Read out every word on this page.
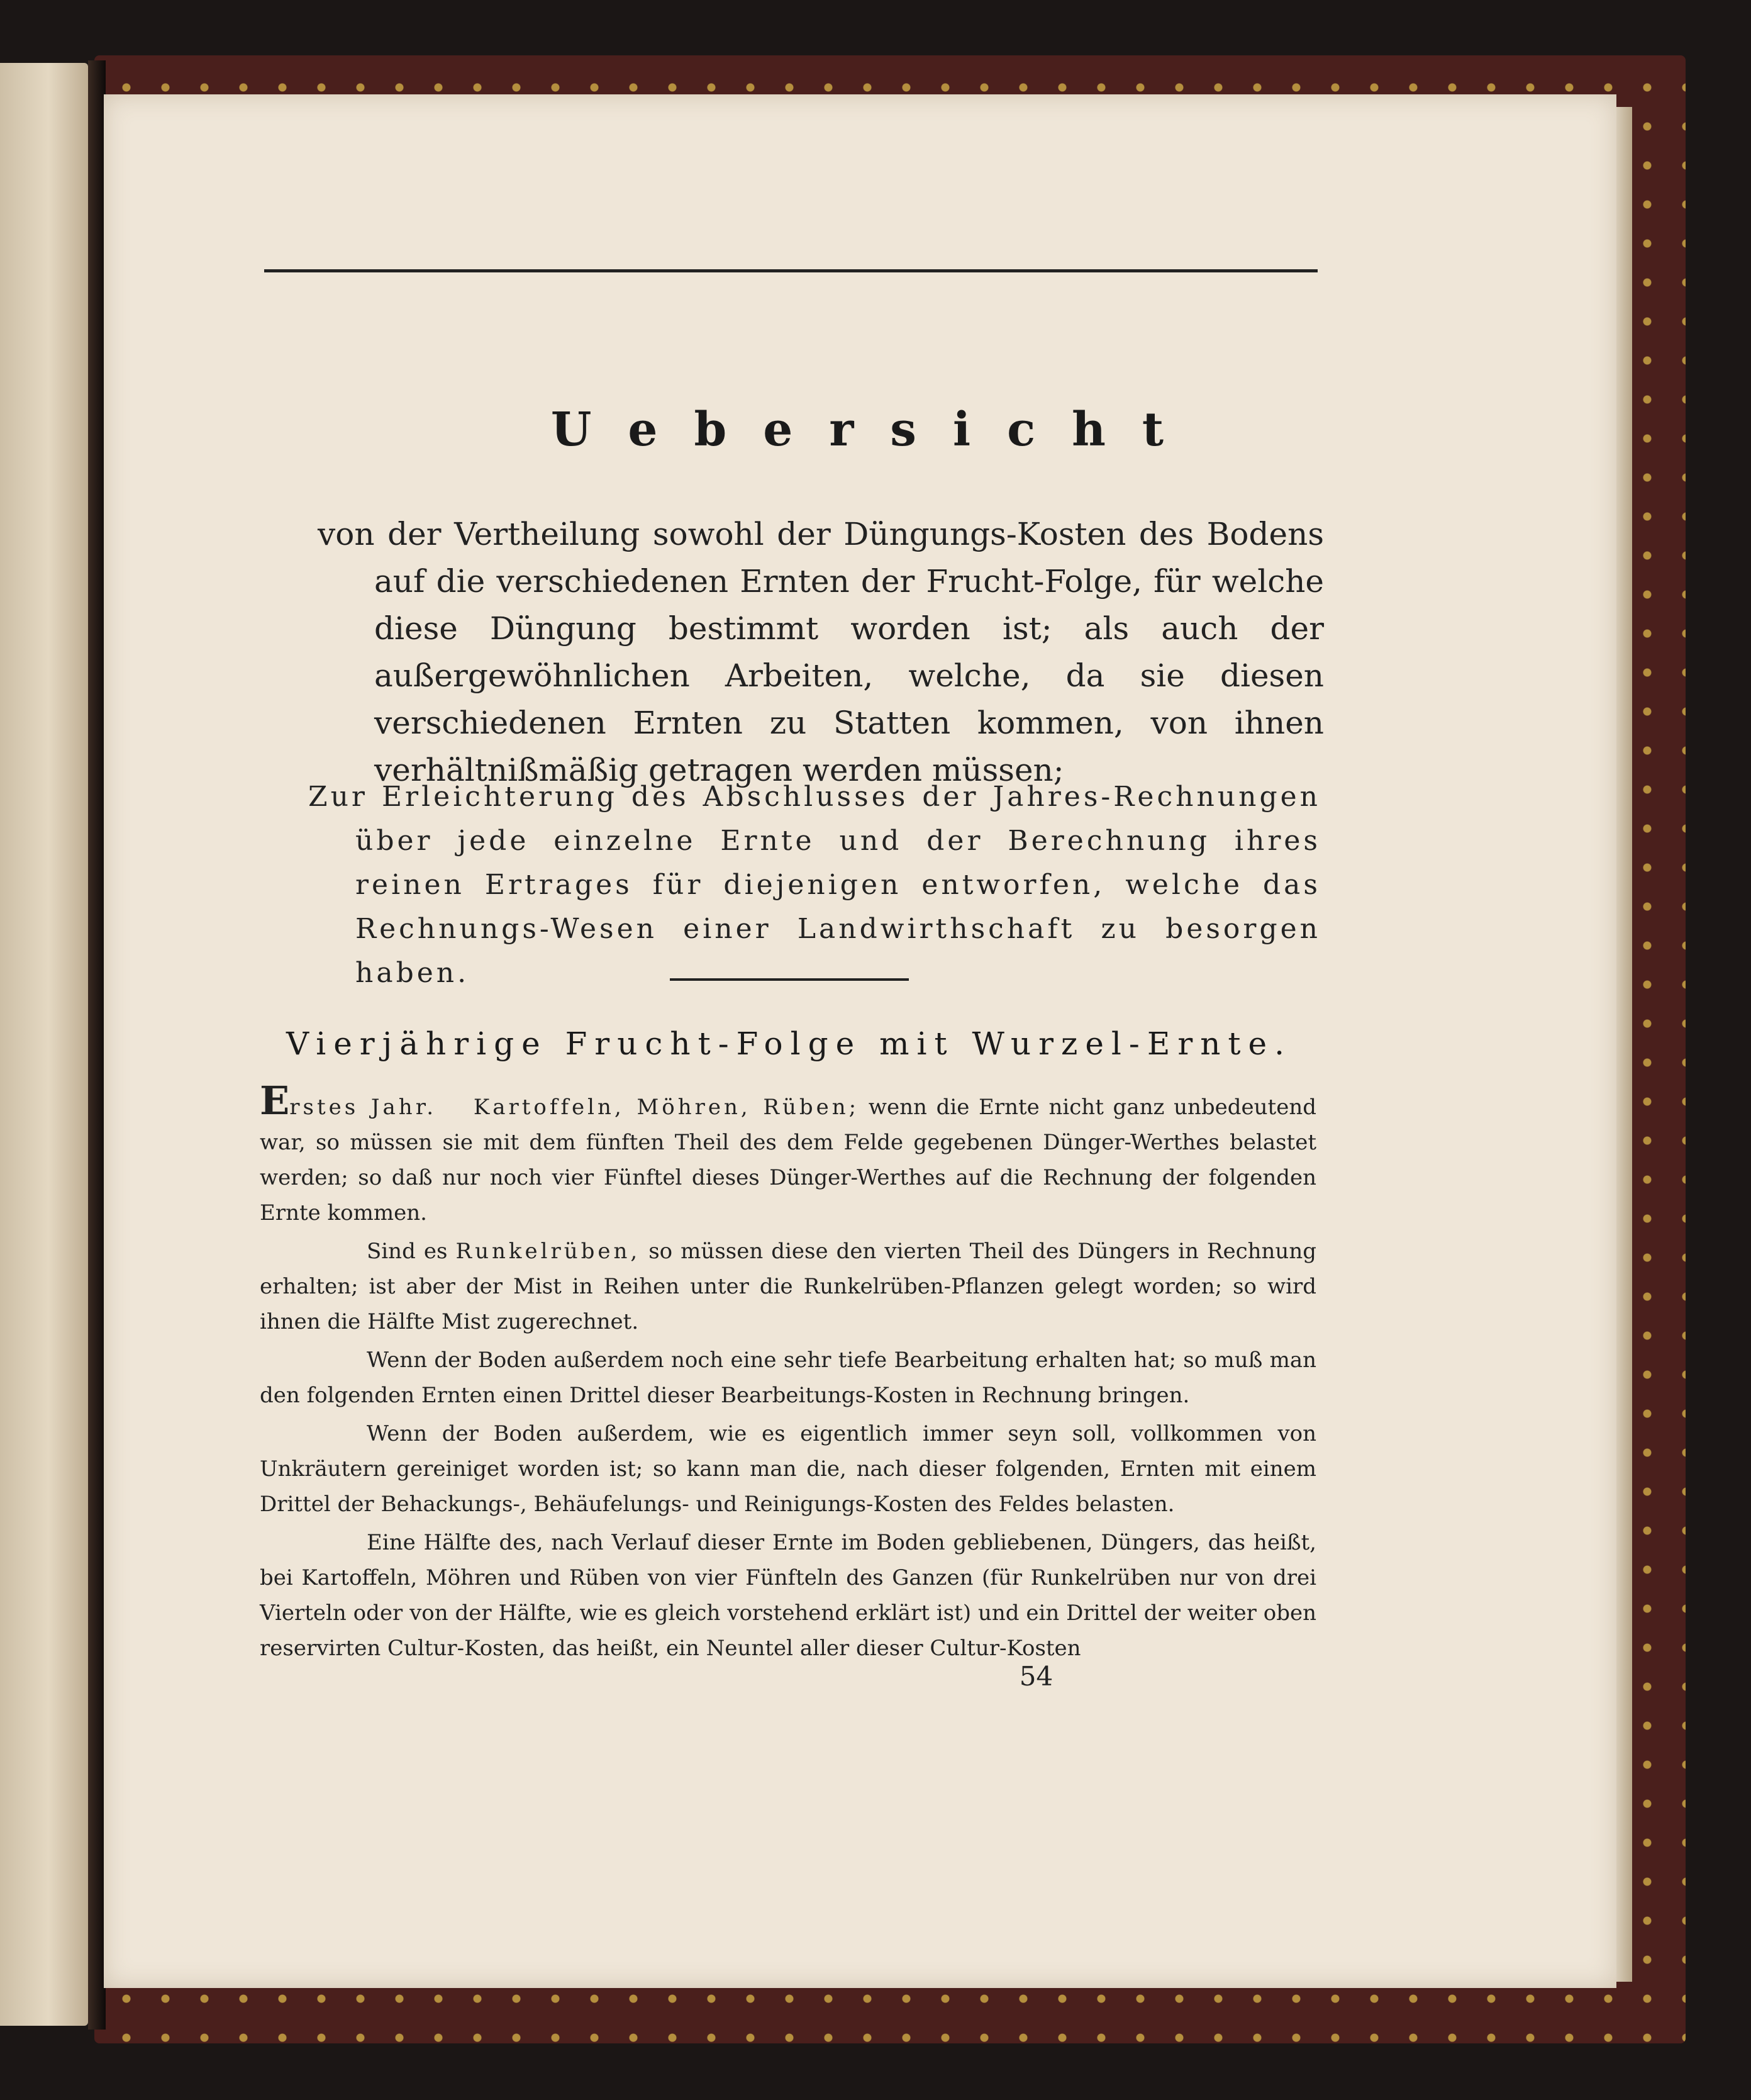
Uebersicht
von der Vertheilung sowohl der Düngungs-Kosten des Bodens auf die verschiedenen Ernten der Frucht-Folge, für welche diese Düngung bestimmt worden ist; als auch der außergewöhnlichen Arbeiten, welche, da sie diesen verschiedenen Ernten zu Statten kommen, von ihnen verhältnißmäßig getragen werden müssen;
Zur Erleichterung des Abschlusses der Jahres-Rechnungen über jede einzelne Ernte und der Berechnung ihres reinen Ertrages für diejenigen entworfen, welche das Rechnungs-Wesen einer Landwirthschaft zu besorgen haben.
Vierjährige Frucht-Folge mit Wurzel-Ernte.

Erstes Jahr. Kartoffeln, Möhren, Rüben; wenn die Ernte nicht ganz unbedeutend war, so müssen sie mit dem fünften Theil des dem Felde gegebenen Dünger-Werthes belastet werden; so daß nur noch vier Fünftel dieses Dünger-Werthes auf die Rechnung der folgenden Ernte kommen.

Sind es Runkelrüben, so müssen diese den vierten Theil des Düngers in Rechnung erhalten; ist aber der Mist in Reihen unter die Runkelrüben-Pflanzen gelegt worden; so wird ihnen die Hälfte Mist zugerechnet.

Wenn der Boden außerdem noch eine sehr tiefe Bearbeitung erhalten hat; so muß man den folgenden Ernten einen Drittel dieser Bearbeitungs-Kosten in Rechnung bringen.

Wenn der Boden außerdem, wie es eigentlich immer seyn soll, vollkommen von Unkräutern gereiniget worden ist; so kann man die, nach dieser folgenden, Ernten mit einem Drittel der Behackungs-, Behäufelungs- und Reinigungs-Kosten des Feldes belasten.

Eine Hälfte des, nach Verlauf dieser Ernte im Boden gebliebenen, Düngers, das heißt, bei Kartoffeln, Möhren und Rüben von vier Fünfteln des Ganzen (für Runkelrüben nur von drei Vierteln oder von der Hälfte, wie es gleich vorstehend erklärt ist) und ein Drittel der weiter oben reservirten Cultur-Kosten, das heißt, ein Neuntel aller dieser Cultur-Kosten

54
